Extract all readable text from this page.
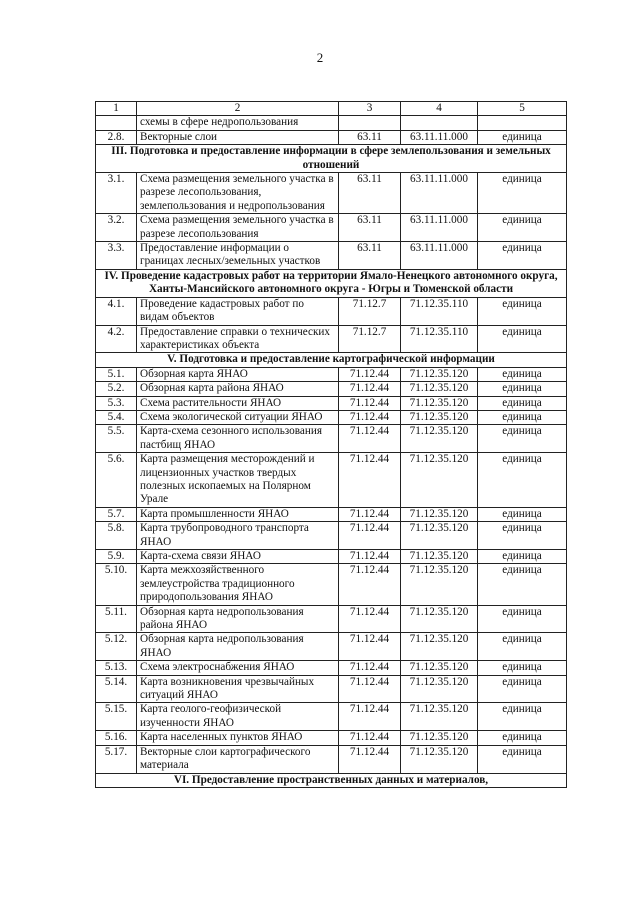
2
1	2	3	4	5
	схемы в сфере недропользования			
2.8.	Векторные слои	63.11	63.11.11.000	единица
III. Подготовка и предоставление информации в сфере землепользования и земельных отношений				
3.1.	Схема размещения земельного участка в разрезе лесопользования, землепользования и недропользования	63.11	63.11.11.000	единица
3.2.	Схема размещения земельного участка в разрезе лесопользования	63.11	63.11.11.000	единица
3.3.	Предоставление информации о границах лесных/земельных участков	63.11	63.11.11.000	единица
IV. Проведение кадастровых работ на территории Ямало-Ненецкого автономного округа, Ханты-Мансийского автономного округа - Югры и Тюменской области				
4.1.	Проведение кадастровых работ по видам объектов	71.12.7	71.12.35.110	единица
4.2.	Предоставление справки о технических характеристиках объекта	71.12.7	71.12.35.110	единица
V. Подготовка и предоставление картографической информации				
5.1.	Обзорная карта ЯНАО	71.12.44	71.12.35.120	единица
5.2.	Обзорная карта района ЯНАО	71.12.44	71.12.35.120	единица
5.3.	Схема растительности ЯНАО	71.12.44	71.12.35.120	единица
5.4.	Схема экологической ситуации ЯНАО	71.12.44	71.12.35.120	единица
5.5.	Карта-схема сезонного использования пастбищ ЯНАО	71.12.44	71.12.35.120	единица
5.6.	Карта размещения месторождений и лицензионных участков твердых полезных ископаемых на Полярном Урале	71.12.44	71.12.35.120	единица
5.7.	Карта промышленности ЯНАО	71.12.44	71.12.35.120	единица
5.8.	Карта трубопроводного транспорта ЯНАО	71.12.44	71.12.35.120	единица
5.9.	Карта-схема связи ЯНАО	71.12.44	71.12.35.120	единица
5.10.	Карта межхозяйственного землеустройства традиционного природопользования ЯНАО	71.12.44	71.12.35.120	единица
5.11.	Обзорная карта недропользования района ЯНАО	71.12.44	71.12.35.120	единица
5.12.	Обзорная карта недропользования ЯНАО	71.12.44	71.12.35.120	единица
5.13.	Схема электроснабжения ЯНАО	71.12.44	71.12.35.120	единица
5.14.	Карта возникновения чрезвычайных ситуаций ЯНАО	71.12.44	71.12.35.120	единица
5.15.	Карта геолого-геофизической изученности ЯНАО	71.12.44	71.12.35.120	единица
5.16.	Карта населенных пунктов ЯНАО	71.12.44	71.12.35.120	единица
5.17.	Векторные слои картографического материала	71.12.44	71.12.35.120	единица
VI. Предоставление пространственных данных и материалов,				
